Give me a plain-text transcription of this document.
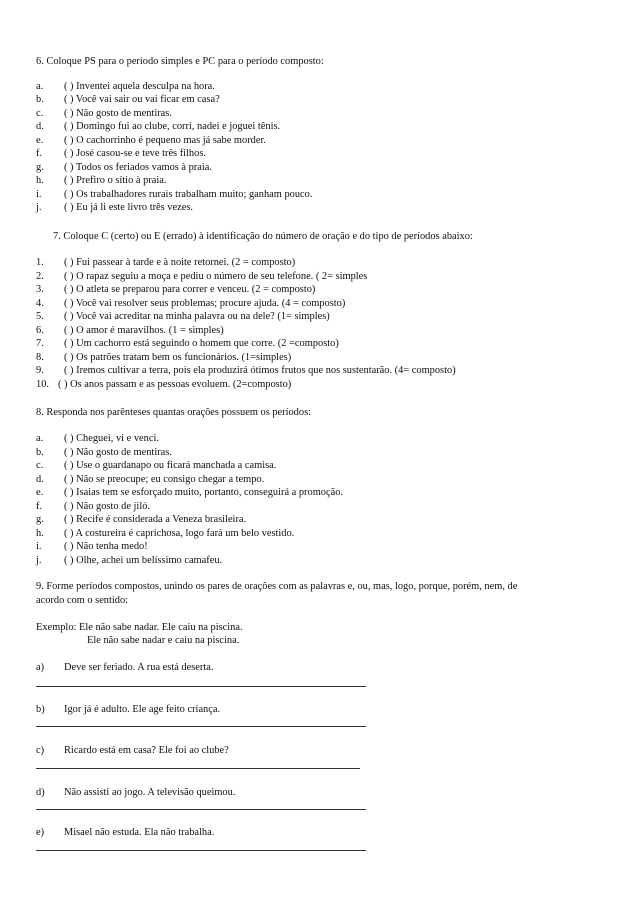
6. Coloque PS para o período simples e PC para o período composto:
a. ( ) Inventei aquela desculpa na hora.
b. ( ) Você vai sair ou vai ficar em casa?
c. ( ) Não gosto de mentiras.
d. ( ) Domingo fui ao clube, corri, nadei e joguei tênis.
e. ( ) O cachorrinho é pequeno mas já sabe morder.
f. ( ) José casou-se e teve três filhos.
g. ( ) Todos os feriados vamos à praia.
h. ( ) Prefiro o sítio à praia.
i. ( ) Os trabalhadores rurais trabalham muito; ganham pouco.
j. ( ) Eu já li este livro três vezes.
7. Coloque C (certo) ou E (errado) à identificação do número de oração e do tipo de períodos abaixo:
1. ( ) Fui passear à tarde e à noite retornei. (2 = composto)
2. ( ) O rapaz seguiu a moça e pediu o número de seu telefone. ( 2= simples
3. ( ) O atleta se preparou para correr e venceu. (2 = composto)
4. ( ) Você vai resolver seus problemas; procure ajuda. (4 = composto)
5. ( ) Você vai acreditar na minha palavra ou na dele? (1= simples)
6. ( ) O amor é maravilhos. (1 = simples)
7. ( ) Um cachorro está seguindo o homem que corre. (2 =composto)
8. ( ) Os patrões tratam bem os funcionários. (1=simples)
9. ( ) Iremos cultivar a terra, pois ela produzirá ótimos frutos que nos sustentarão. (4= composto)
10. ( ) Os anos passam e as pessoas evoluem. (2=composto)
8. Responda nos parênteses quantas orações possuem os períodos:
a. ( ) Cheguei, vi e venci.
b. ( ) Não gosto de mentiras.
c. ( ) Use o guardanapo ou ficará manchada a camisa.
d. ( ) Não se preocupe; eu consigo chegar a tempo.
e. ( ) Isaias tem se esforçado muito, portanto, conseguirá a promoção.
f. ( ) Não gosto de jiló.
g. ( ) Recife é considerada a Veneza brasileira.
h. ( ) A costureira é caprichosa, logo fará um belo vestido.
i. ( ) Não tenha medo!
j. ( ) Olhe, achei um belíssimo camafeu.
9. Forme períodos compostos, unindo os pares de orações com as palavras e, ou, mas, logo, porque, porém, nem, de
acordo com o sentido:
Exemplo: Ele não sabe nadar. Ele caiu na piscina.
Ele não sabe nadar e caiu na piscina.
a) Deve ser feriado. A rua está deserta.
b) Igor já é adulto. Ele age feito criança.
c) Ricardo está em casa? Ele foi ao clube?
d) Não assisti ao jogo. A televisão queimou.
e) Misael não estuda. Ela não trabalha.
